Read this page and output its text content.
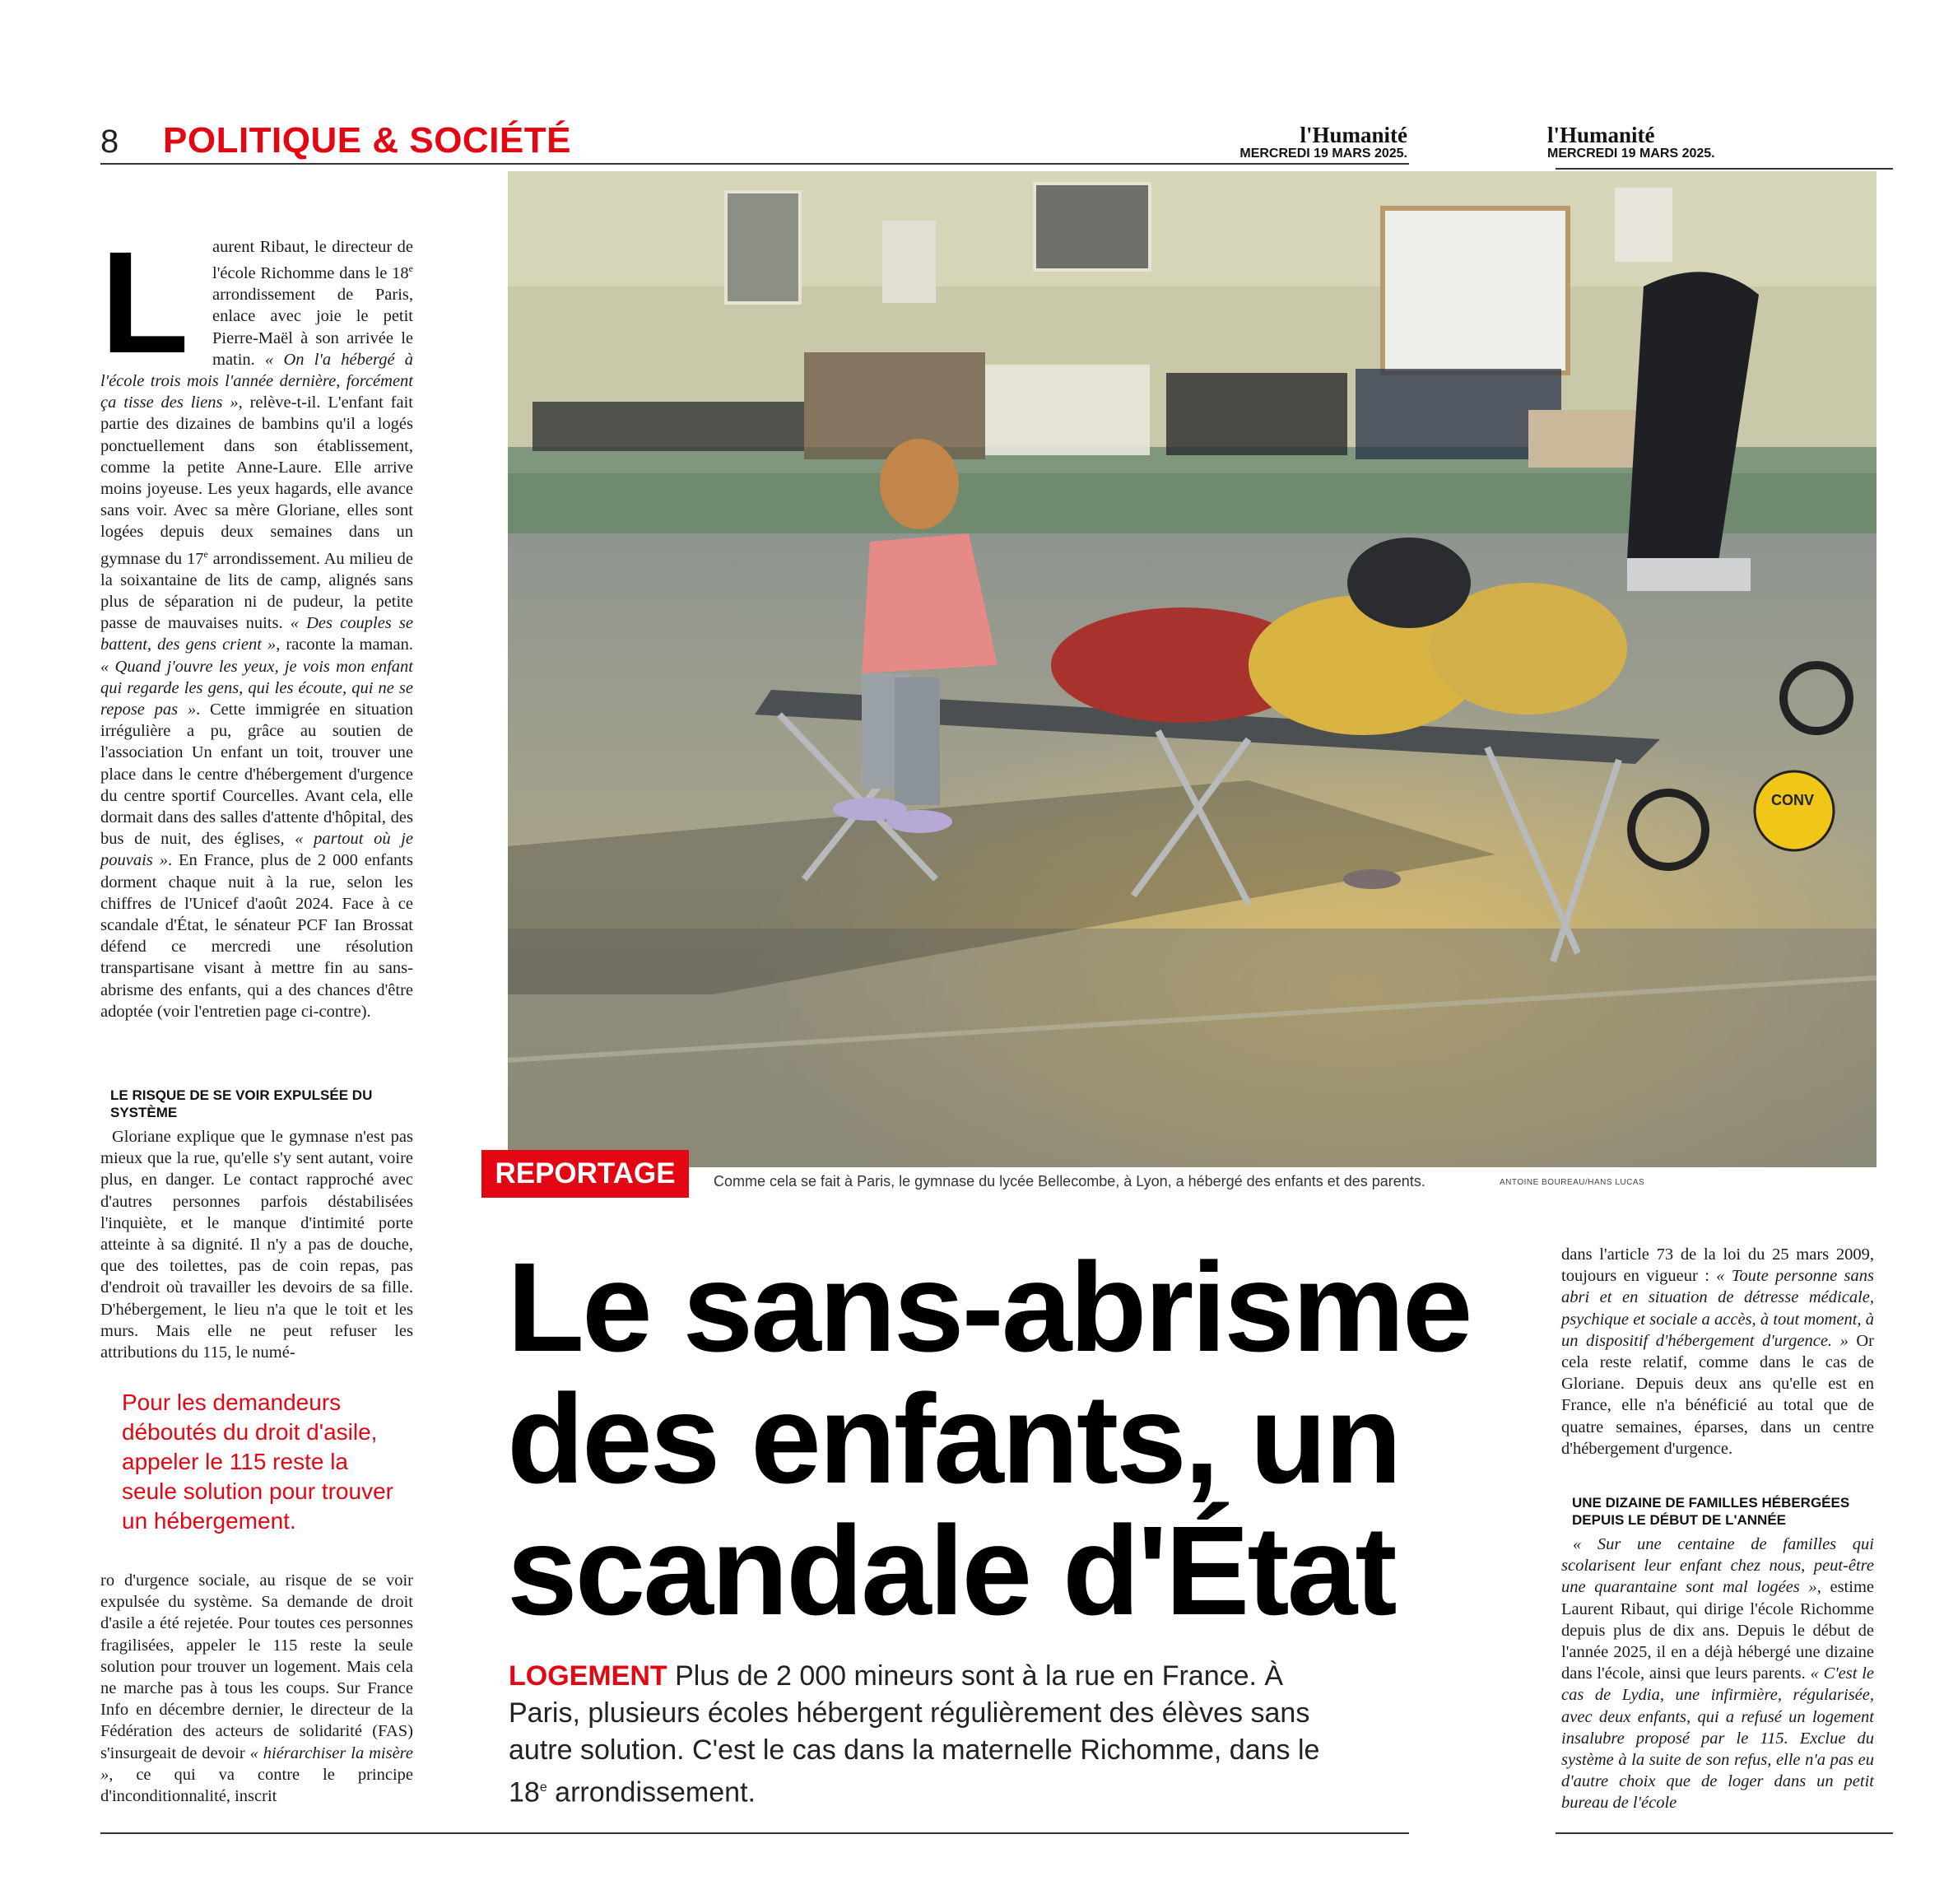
8 POLITIQUE & SOCIÉTÉ	l'Humanité
MERCREDI 19 MARS 2025.
l'Humanité
MERCREDI 19 MARS 2025.
L	aurent Ribaut, le directeur de l'école Richomme dans le 18e arrondissement de Paris, enlace avec joie le petit Pierre-Maël à son arrivée le matin. « On l'a hébergé à l'école trois mois l'année dernière, forcément ça tisse des liens », relève-t-il. L'enfant fait partie des dizaines de bambins qu'il a logés ponctuellement dans son établissement, comme la petite Anne-Laure. Elle arrive moins joyeuse. Les yeux hagards, elle avance sans voir. Avec sa mère Gloriane, elles sont logées depuis deux semaines dans un gymnase du 17e arrondissement. Au milieu de la soixantaine de lits de camp, alignés sans plus de séparation ni de pudeur, la petite passe de mauvaises nuits. « Des couples se battent, des gens crient », raconte la maman. « Quand j'ouvre les yeux, je vois mon enfant qui regarde les gens, qui les écoute, qui ne se repose pas ». Cette immigrée en situation irrégulière a pu, grâce au soutien de l'association Un enfant un toit, trouver une place dans le centre d'hébergement d'urgence du centre sportif Courcelles. Avant cela, elle dormait dans des salles d'attente d'hôpital, des bus de nuit, des églises, « partout où je pouvais ». En France, plus de 2 000 enfants dorment chaque nuit à la rue, selon les chiffres de l'Unicef d'août 2024. Face à ce scandale d'État, le sénateur PCF Ian Brossat défend ce mercredi une résolution transpartisane visant à mettre fin au sans-abrisme des enfants, qui a des chances d'être adoptée (voir l'entretien page ci-contre).

LE RISQUE DE SE VOIR EXPULSÉE DU SYSTÈME

Gloriane explique que le gymnase n'est pas mieux que la rue, qu'elle s'y sent autant, voire plus, en danger. Le contact rapproché avec d'autres personnes parfois déstabilisées l'inquiète, et le manque d'intimité porte atteinte à sa dignité. Il n'y a pas de douche, que des toilettes, pas de coin repas, pas d'endroit où travailler les devoirs de sa fille. D'hébergement, le lieu n'a que le toit et les murs. Mais elle ne peut refuser les attributions du 115, le numé-

Pour les demandeurs déboutés du droit d'asile, appeler le 115 reste la seule solution pour trouver un hébergement.

ro d'urgence sociale, au risque de se voir expulsée du système. Sa demande de droit d'asile a été rejetée. Pour toutes ces personnes fragilisées, appeler le 115 reste la seule solution pour trouver un logement. Mais cela ne marche pas à tous les coups. Sur France Info en décembre dernier, le directeur de la Fédération des acteurs de solidarité (FAS) s'insurgeait de devoir « hiérarchiser la misère », ce qui va contre le principe d'inconditionnalité, inscrit

CONV
REPORTAGE	Comme cela se fait à Paris, le gymnase du lycée Bellecombe, à Lyon, a hébergé des enfants et des parents.	ANTOINE BOUREAU/HANS LUCAS
Le sans-abrisme
des enfants, un
scandale d'État
LOGEMENT Plus de 2 000 mineurs sont à la rue en France. À Paris, plusieurs écoles hébergent régulièrement des élèves sans autre solution. C'est le cas dans la maternelle Richomme, dans le 18e arrondissement.

dans l'article 73 de la loi du 25 mars 2009, toujours en vigueur : « Toute personne sans abri et en situation de détresse médicale, psychique et sociale a accès, à tout moment, à un dispositif d'hébergement d'urgence. » Or cela reste relatif, comme dans le cas de Gloriane. Depuis deux ans qu'elle est en France, elle n'a bénéficié au total que de quatre semaines, éparses, dans un centre d'hébergement d'urgence.

UNE DIZAINE DE FAMILLES HÉBERGÉES DEPUIS LE DÉBUT DE L'ANNÉE

« Sur une centaine de familles qui scolarisent leur enfant chez nous, peut-être une quarantaine sont mal logées », estime Laurent Ribaut, qui dirige l'école Richomme depuis plus de dix ans. Depuis le début de l'année 2025, il en a déjà hébergé une dizaine dans l'école, ainsi que leurs parents. « C'est le cas de Lydia, une infirmière, régularisée, avec deux enfants, qui a refusé un logement insalubre proposé par le 115. Exclue du système à la suite de son refus, elle n'a pas eu d'autre choix que de loger dans un petit bureau de l'école
